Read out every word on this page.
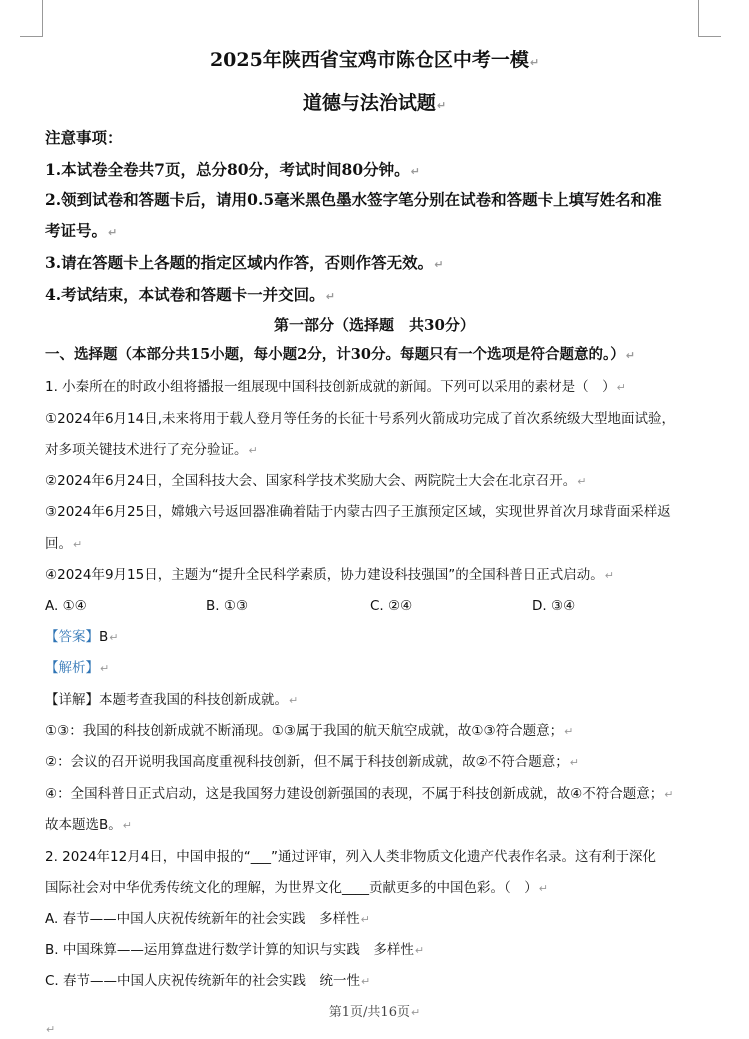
2025年陕西省宝鸡市陈仓区中考一模↵
道德与法治试题↵
注意事项：
1.本试卷全卷共7页，总分80分，考试时间80分钟。↵
2.领到试卷和答题卡后，请用0.5毫米黑色墨水签字笔分别在试卷和答题卡上填写姓名和准
考证号。↵
3.请在答题卡上各题的指定区域内作答，否则作答无效。↵
4.考试结束，本试卷和答题卡一并交回。↵
第一部分（选择题　共30分）
一、选择题（本部分共15小题，每小题2分，计30分。每题只有一个选项是符合题意的。）↵
1. 小秦所在的时政小组将播报一组展现中国科技创新成就的新闻。下列可以采用的素材是（　）↵
①2024年6月14日,未来将用于载人登月等任务的长征十号系列火箭成功完成了首次系统级大型地面试验，
对多项关键技术进行了充分验证。↵
②2024年6月24日，全国科技大会、国家科学技术奖励大会、两院院士大会在北京召开。↵
③2024年6月25日，嫦娥六号返回器准确着陆于内蒙古四子王旗预定区域，实现世界首次月球背面采样返
回。↵
④2024年9月15日，主题为“提升全民科学素质，协力建设科技强国”的全国科普日正式启动。↵
A. ①④	B. ①③	C. ②④	D. ③④
【答案】B↵
【解析】↵
【详解】本题考查我国的科技创新成就。↵
①③：我国的科技创新成就不断涌现。①③属于我国的航天航空成就，故①③符合题意；↵
②：会议的召开说明我国高度重视科技创新，但不属于科技创新成就，故②不符合题意；↵
④：全国科普日正式启动，这是我国努力建设创新强国的表现，不属于科技创新成就，故④不符合题意；↵
故本题选B。↵
2. 2024年12月4日，中国申报的“___”通过评审，列入人类非物质文化遗产代表作名录。这有利于深化
国际社会对中华优秀传统文化的理解，为世界文化____贡献更多的中国色彩。（　）↵
A. 春节——中国人庆祝传统新年的社会实践　多样性↵
B. 中国珠算——运用算盘进行数学计算的知识与实践　多样性↵
C. 春节——中国人庆祝传统新年的社会实践　统一性↵
第1页/共16页↵
↵
